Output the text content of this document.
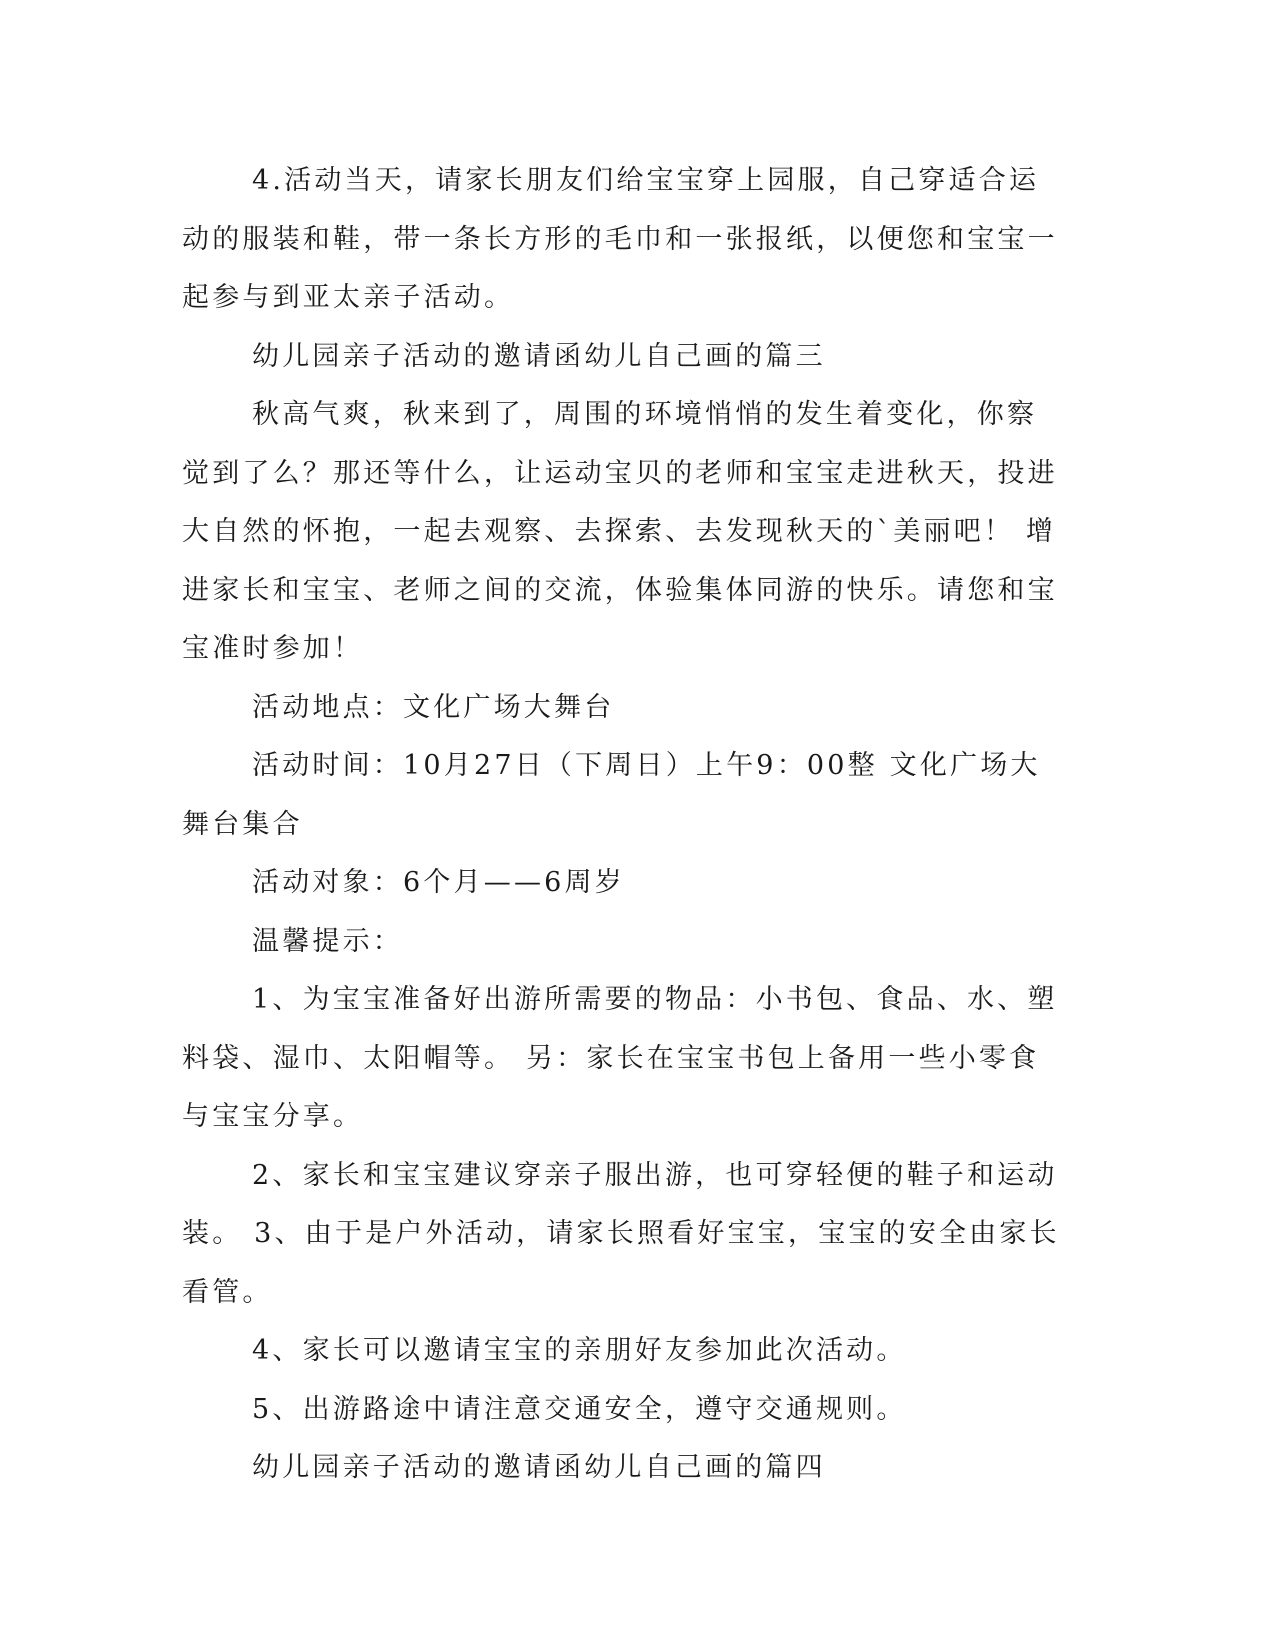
4.活动当天，请家长朋友们给宝宝穿上园服，自己穿适合运动的服装和鞋，带一条长方形的毛巾和一张报纸，以便您和宝宝一起参与到亚太亲子活动。

幼儿园亲子活动的邀请函幼儿自己画的篇三

秋高气爽，秋来到了，周围的环境悄悄的发生着变化，你察觉到了么？那还等什么，让运动宝贝的老师和宝宝走进秋天，投进大自然的怀抱，一起去观察、去探索、去发现秋天的`美丽吧！ 增进家长和宝宝、老师之间的交流，体验集体同游的快乐。请您和宝宝准时参加！

活动地点：文化广场大舞台

活动时间：10月27日（下周日）上午9：00整 文化广场大舞台集合

活动对象：6个月——6周岁

温馨提示：

1、为宝宝准备好出游所需要的物品：小书包、食品、水、塑料袋、湿巾、太阳帽等。 另：家长在宝宝书包上备用一些小零食与宝宝分享。

2、家长和宝宝建议穿亲子服出游，也可穿轻便的鞋子和运动装。 3、由于是户外活动，请家长照看好宝宝，宝宝的安全由家长看管。

4、家长可以邀请宝宝的亲朋好友参加此次活动。

5、出游路途中请注意交通安全，遵守交通规则。

幼儿园亲子活动的邀请函幼儿自己画的篇四
